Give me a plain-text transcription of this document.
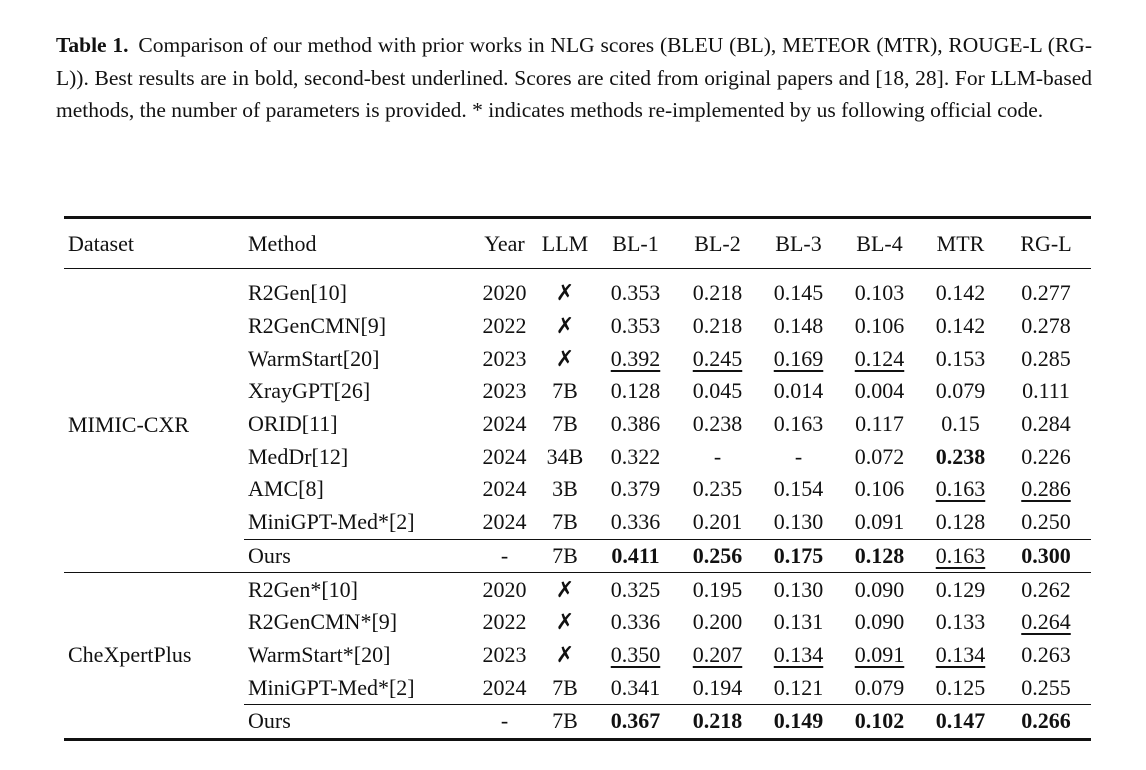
Table 1. Comparison of our method with prior works in NLG scores (BLEU (BL), METEOR (MTR), ROUGE-L (RG-L)). Best results are in bold, second-best underlined. Scores are cited from original papers and [18, 28]. For LLM-based methods, the number of parameters is provided. * indicates methods re-implemented by us following official code.
Dataset	Method	Year	LLM	BL-1	BL-2	BL-3	BL-4	MTR	RG-L
MIMIC-CXR	R2Gen[10]	2020	✗	0.353	0.218	0.145	0.103	0.142	0.277
	R2GenCMN[9]	2022	✗	0.353	0.218	0.148	0.106	0.142	0.278
	WarmStart[20]	2023	✗	0.392	0.245	0.169	0.124	0.153	0.285
	XrayGPT[26]	2023	7B	0.128	0.045	0.014	0.004	0.079	0.111
	ORID[11]	2024	7B	0.386	0.238	0.163	0.117	0.15	0.284
	MedDr[12]	2024	34B	0.322	-	-	0.072	0.238	0.226
	AMC[8]	2024	3B	0.379	0.235	0.154	0.106	0.163	0.286
	MiniGPT-Med*[2]	2024	7B	0.336	0.201	0.130	0.091	0.128	0.250
	Ours	-	7B	0.411	0.256	0.175	0.128	0.163	0.300
CheXpertPlus	R2Gen*[10]	2020	✗	0.325	0.195	0.130	0.090	0.129	0.262
	R2GenCMN*[9]	2022	✗	0.336	0.200	0.131	0.090	0.133	0.264
	WarmStart*[20]	2023	✗	0.350	0.207	0.134	0.091	0.134	0.263
	MiniGPT-Med*[2]	2024	7B	0.341	0.194	0.121	0.079	0.125	0.255
	Ours	-	7B	0.367	0.218	0.149	0.102	0.147	0.266
